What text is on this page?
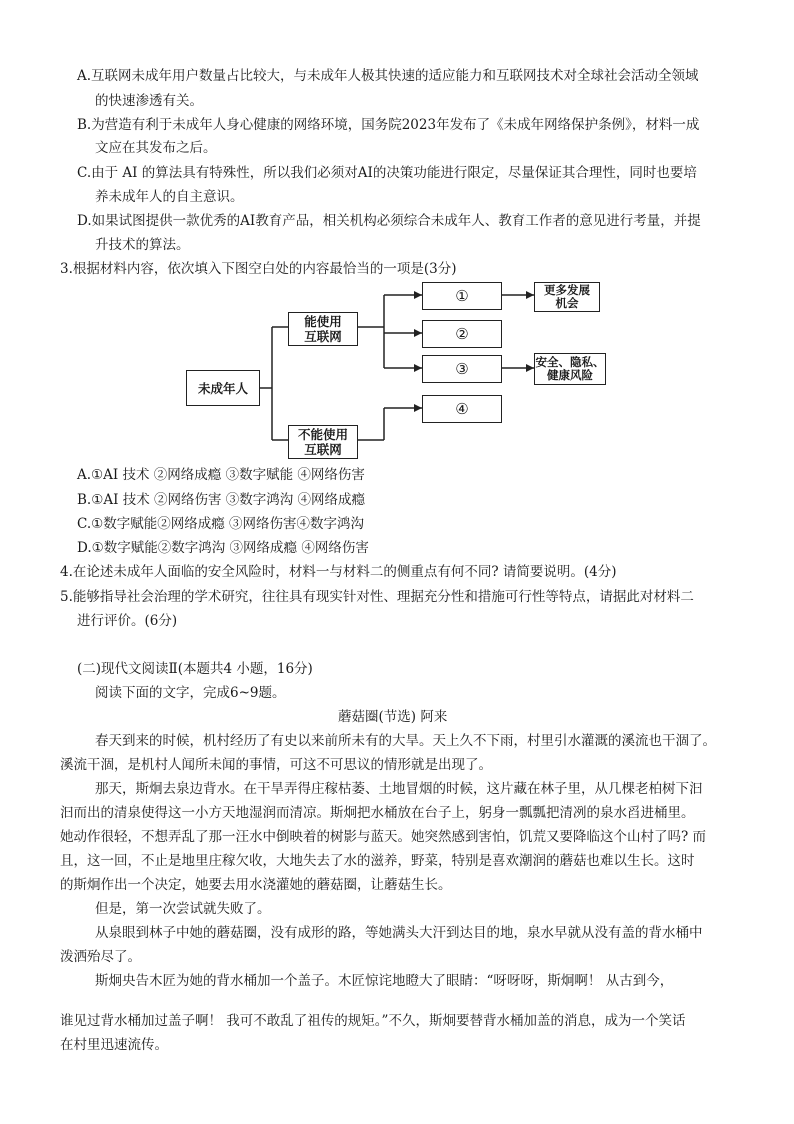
A.互联网未成年用户数量占比较大，与未成年人极其快速的适应能力和互联网技术对全球社会活动全领域
的快速渗透有关。
B.为营造有利于未成年人身心健康的网络环境，国务院2023年发布了《未成年网络保护条例》，材料一成
文应在其发布之后。
C.由于 AI 的算法具有特殊性，所以我们必须对AI的决策功能进行限定，尽量保证其合理性，同时也要培
养未成年人的自主意识。
D.如果试图提供一款优秀的AI教育产品，相关机构必须综合未成年人、教育工作者的意见进行考量，并提
升技术的算法。
3.根据材料内容，依次填入下图空白处的内容最恰当的一项是(3分)
未成年人
能使用
互联网
不能使用
互联网
①
②
③
④
更多发展
机会
安全、隐私、
健康风险
A.①AI 技术 ②网络成瘾 ③数字赋能 ④网络伤害
B.①AI 技术 ②网络伤害 ③数字鸿沟 ④网络成瘾
C.①数字赋能②网络成瘾 ③网络伤害④数字鸿沟
D.①数字赋能②数字鸿沟 ③网络成瘾 ④网络伤害
4.在论述未成年人面临的安全风险时，材料一与材料二的侧重点有何不同? 请简要说明。(4分)
5.能够指导社会治理的学术研究，往往具有现实针对性、理据充分性和措施可行性等特点，请据此对材料二
进行评价。(6分)
(二)现代文阅读Ⅱ(本题共4 小题，16分)
阅读下面的文字，完成6~9题。
蘑菇圈(节选) 阿来
春天到来的时候，机村经历了有史以来前所未有的大旱。天上久不下雨，村里引水灌溉的溪流也干涸了。
溪流干涸，是机村人闻所未闻的事情，可这不可思议的情形就是出现了。
那天，斯炯去泉边背水。在干旱弄得庄稼枯萎、土地冒烟的时候，这片藏在林子里，从几棵老柏树下汩
汩而出的清泉使得这一小方天地湿润而清凉。斯炯把水桶放在台子上，躬身一瓢瓢把清冽的泉水舀进桶里。
她动作很轻，不想弄乱了那一汪水中倒映着的树影与蓝天。她突然感到害怕，饥荒又要降临这个山村了吗? 而
且，这一回，不止是地里庄稼欠收，大地失去了水的滋养，野菜，特别是喜欢潮润的蘑菇也难以生长。这时
的斯炯作出一个决定，她要去用水浇灌她的蘑菇圈，让蘑菇生长。
但是，第一次尝试就失败了。
从泉眼到林子中她的蘑菇圈，没有成形的路，等她满头大汗到达目的地，泉水早就从没有盖的背水桶中
泼洒殆尽了。
斯炯央告木匠为她的背水桶加一个盖子。木匠惊诧地瞪大了眼睛：“呀呀呀，斯炯啊！ 从古到今，
谁见过背水桶加过盖子啊！ 我可不敢乱了祖传的规矩。”不久，斯炯要替背水桶加盖的消息，成为一个笑话
在村里迅速流传。
